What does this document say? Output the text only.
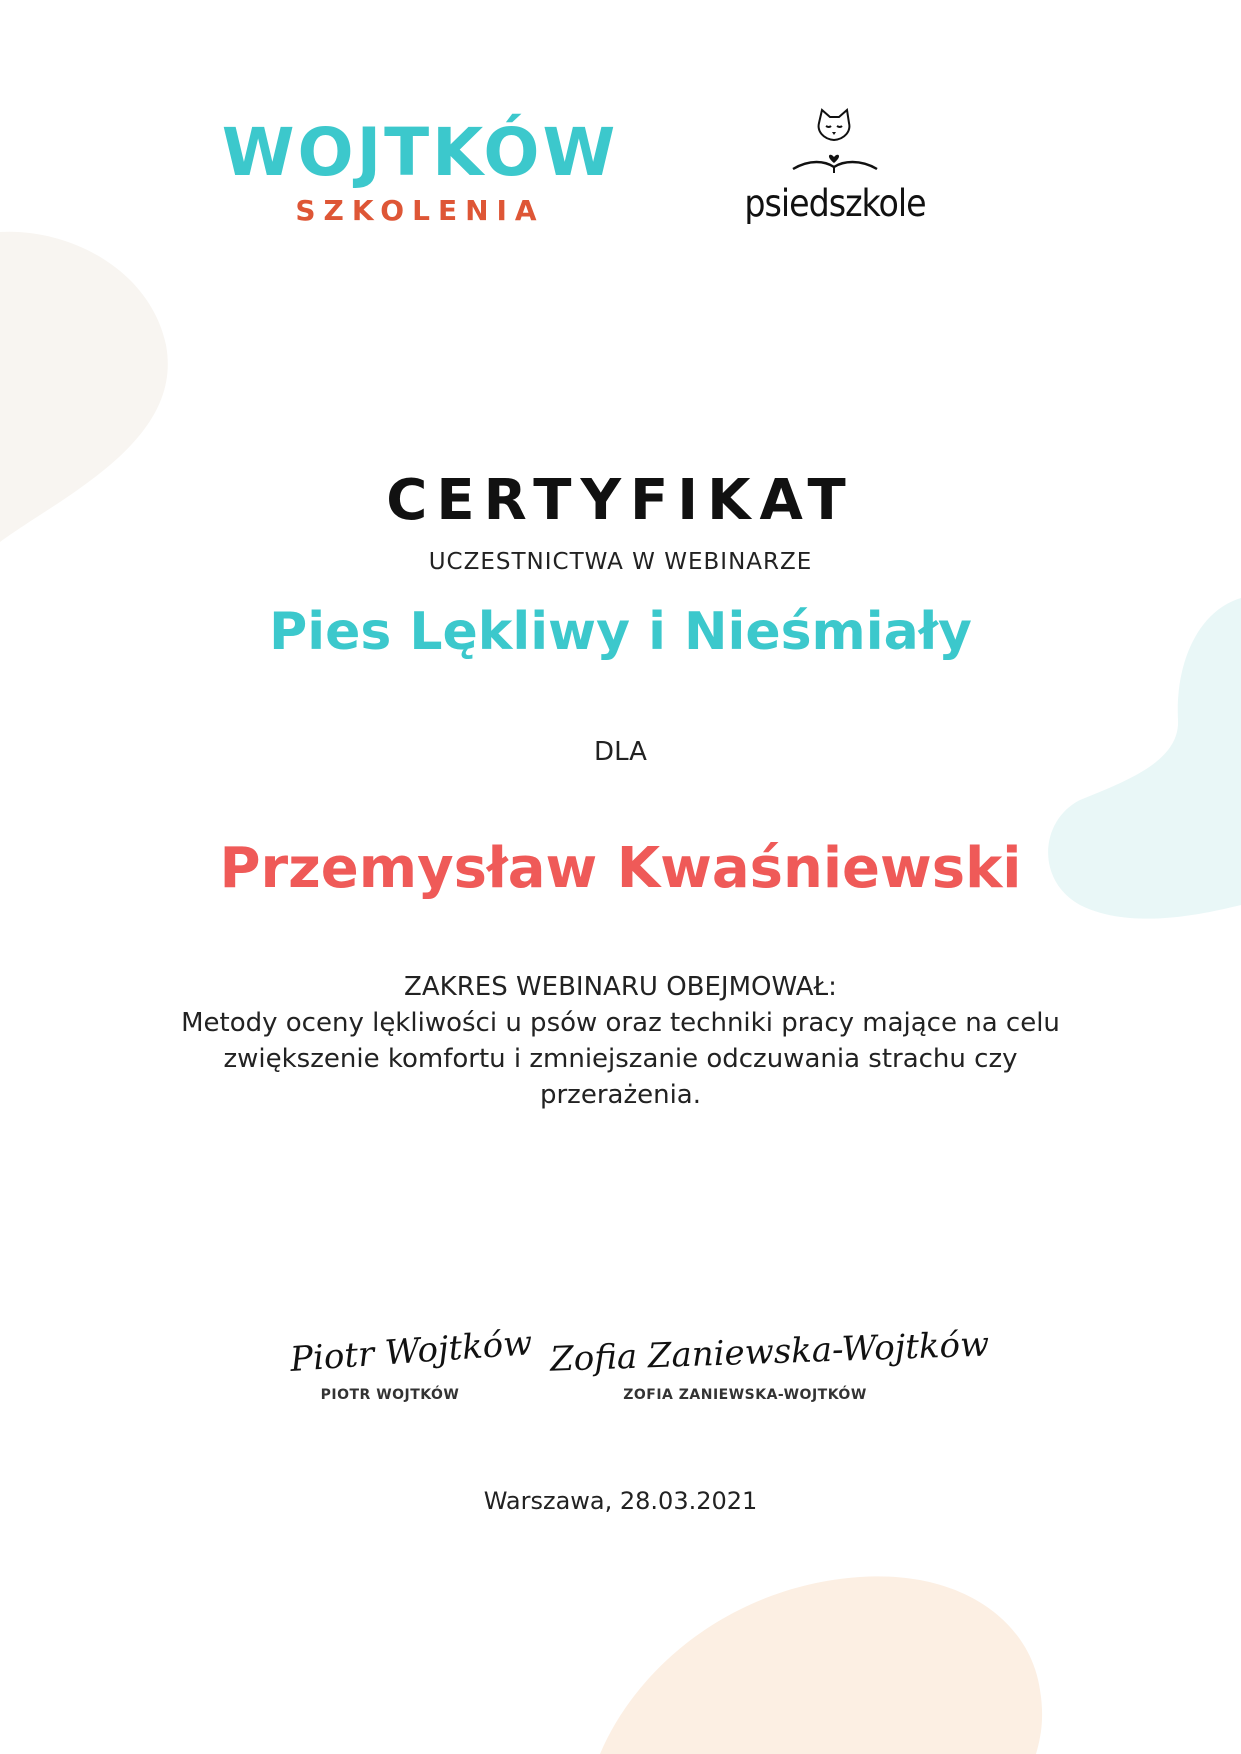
WOJTKÓW
SZKOLENIA	psiedszkole
CERTYFIKAT
UCZESTNICTWA W WEBINARZE
Pies Lękliwy i Nieśmiały
DLA
Przemysław Kwaśniewski
ZAKRES WEBINARU OBEJMOWAŁ:
Metody oceny lękliwości u psów oraz techniki pracy mające na celu
zwiększenie komfortu i zmniejszanie odczuwania strachu czy
przerażenia.
Piotr Wojtków
PIOTR WOJTKÓW
Zofia Zaniewska-Wojtków
ZOFIA ZANIEWSKA-WOJTKÓW
Warszawa, 28.03.2021
